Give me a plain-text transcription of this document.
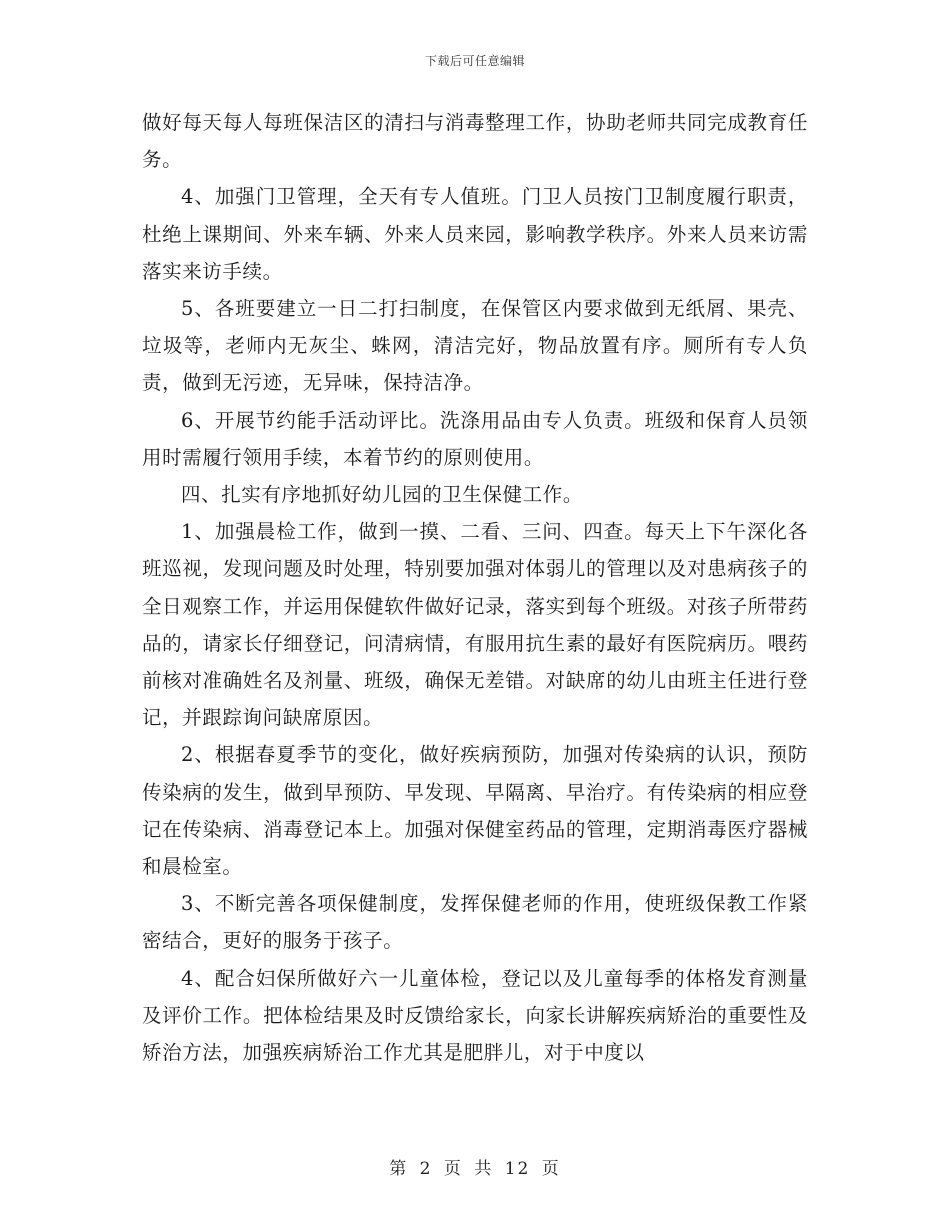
下载后可任意编辑

做好每天每人每班保洁区的清扫与消毒整理工作，协助老师共同完成教育任务。

4、加强门卫管理，全天有专人值班。门卫人员按门卫制度履行职责，杜绝上课期间、外来车辆、外来人员来园，影响教学秩序。外来人员来访需落实来访手续。

5、各班要建立一日二打扫制度，在保管区内要求做到无纸屑、果壳、垃圾等，老师内无灰尘、蛛网，清洁完好，物品放置有序。厕所有专人负责，做到无污迹，无异味，保持洁净。

6、开展节约能手活动评比。洗涤用品由专人负责。班级和保育人员领用时需履行领用手续，本着节约的原则使用。

四、扎实有序地抓好幼儿园的卫生保健工作。

1、加强晨检工作，做到一摸、二看、三问、四查。每天上下午深化各班巡视，发现问题及时处理，特别要加强对体弱儿的管理以及对患病孩子的全日观察工作，并运用保健软件做好记录，落实到每个班级。对孩子所带药品的，请家长仔细登记，问清病情，有服用抗生素的最好有医院病历。喂药前核对准确姓名及剂量、班级，确保无差错。对缺席的幼儿由班主任进行登记，并跟踪询问缺席原因。

2、根据春夏季节的变化，做好疾病预防，加强对传染病的认识，预防传染病的发生，做到早预防、早发现、早隔离、早治疗。有传染病的相应登记在传染病、消毒登记本上。加强对保健室药品的管理，定期消毒医疗器械和晨检室。

3、不断完善各项保健制度，发挥保健老师的作用，使班级保教工作紧密结合，更好的服务于孩子。

4、配合妇保所做好六一儿童体检，登记以及儿童每季的体格发育测量及评价工作。把体检结果及时反馈给家长，向家长讲解疾病矫治的重要性及矫治方法，加强疾病矫治工作尤其是肥胖儿，对于中度以

第 2 页 共 12 页
